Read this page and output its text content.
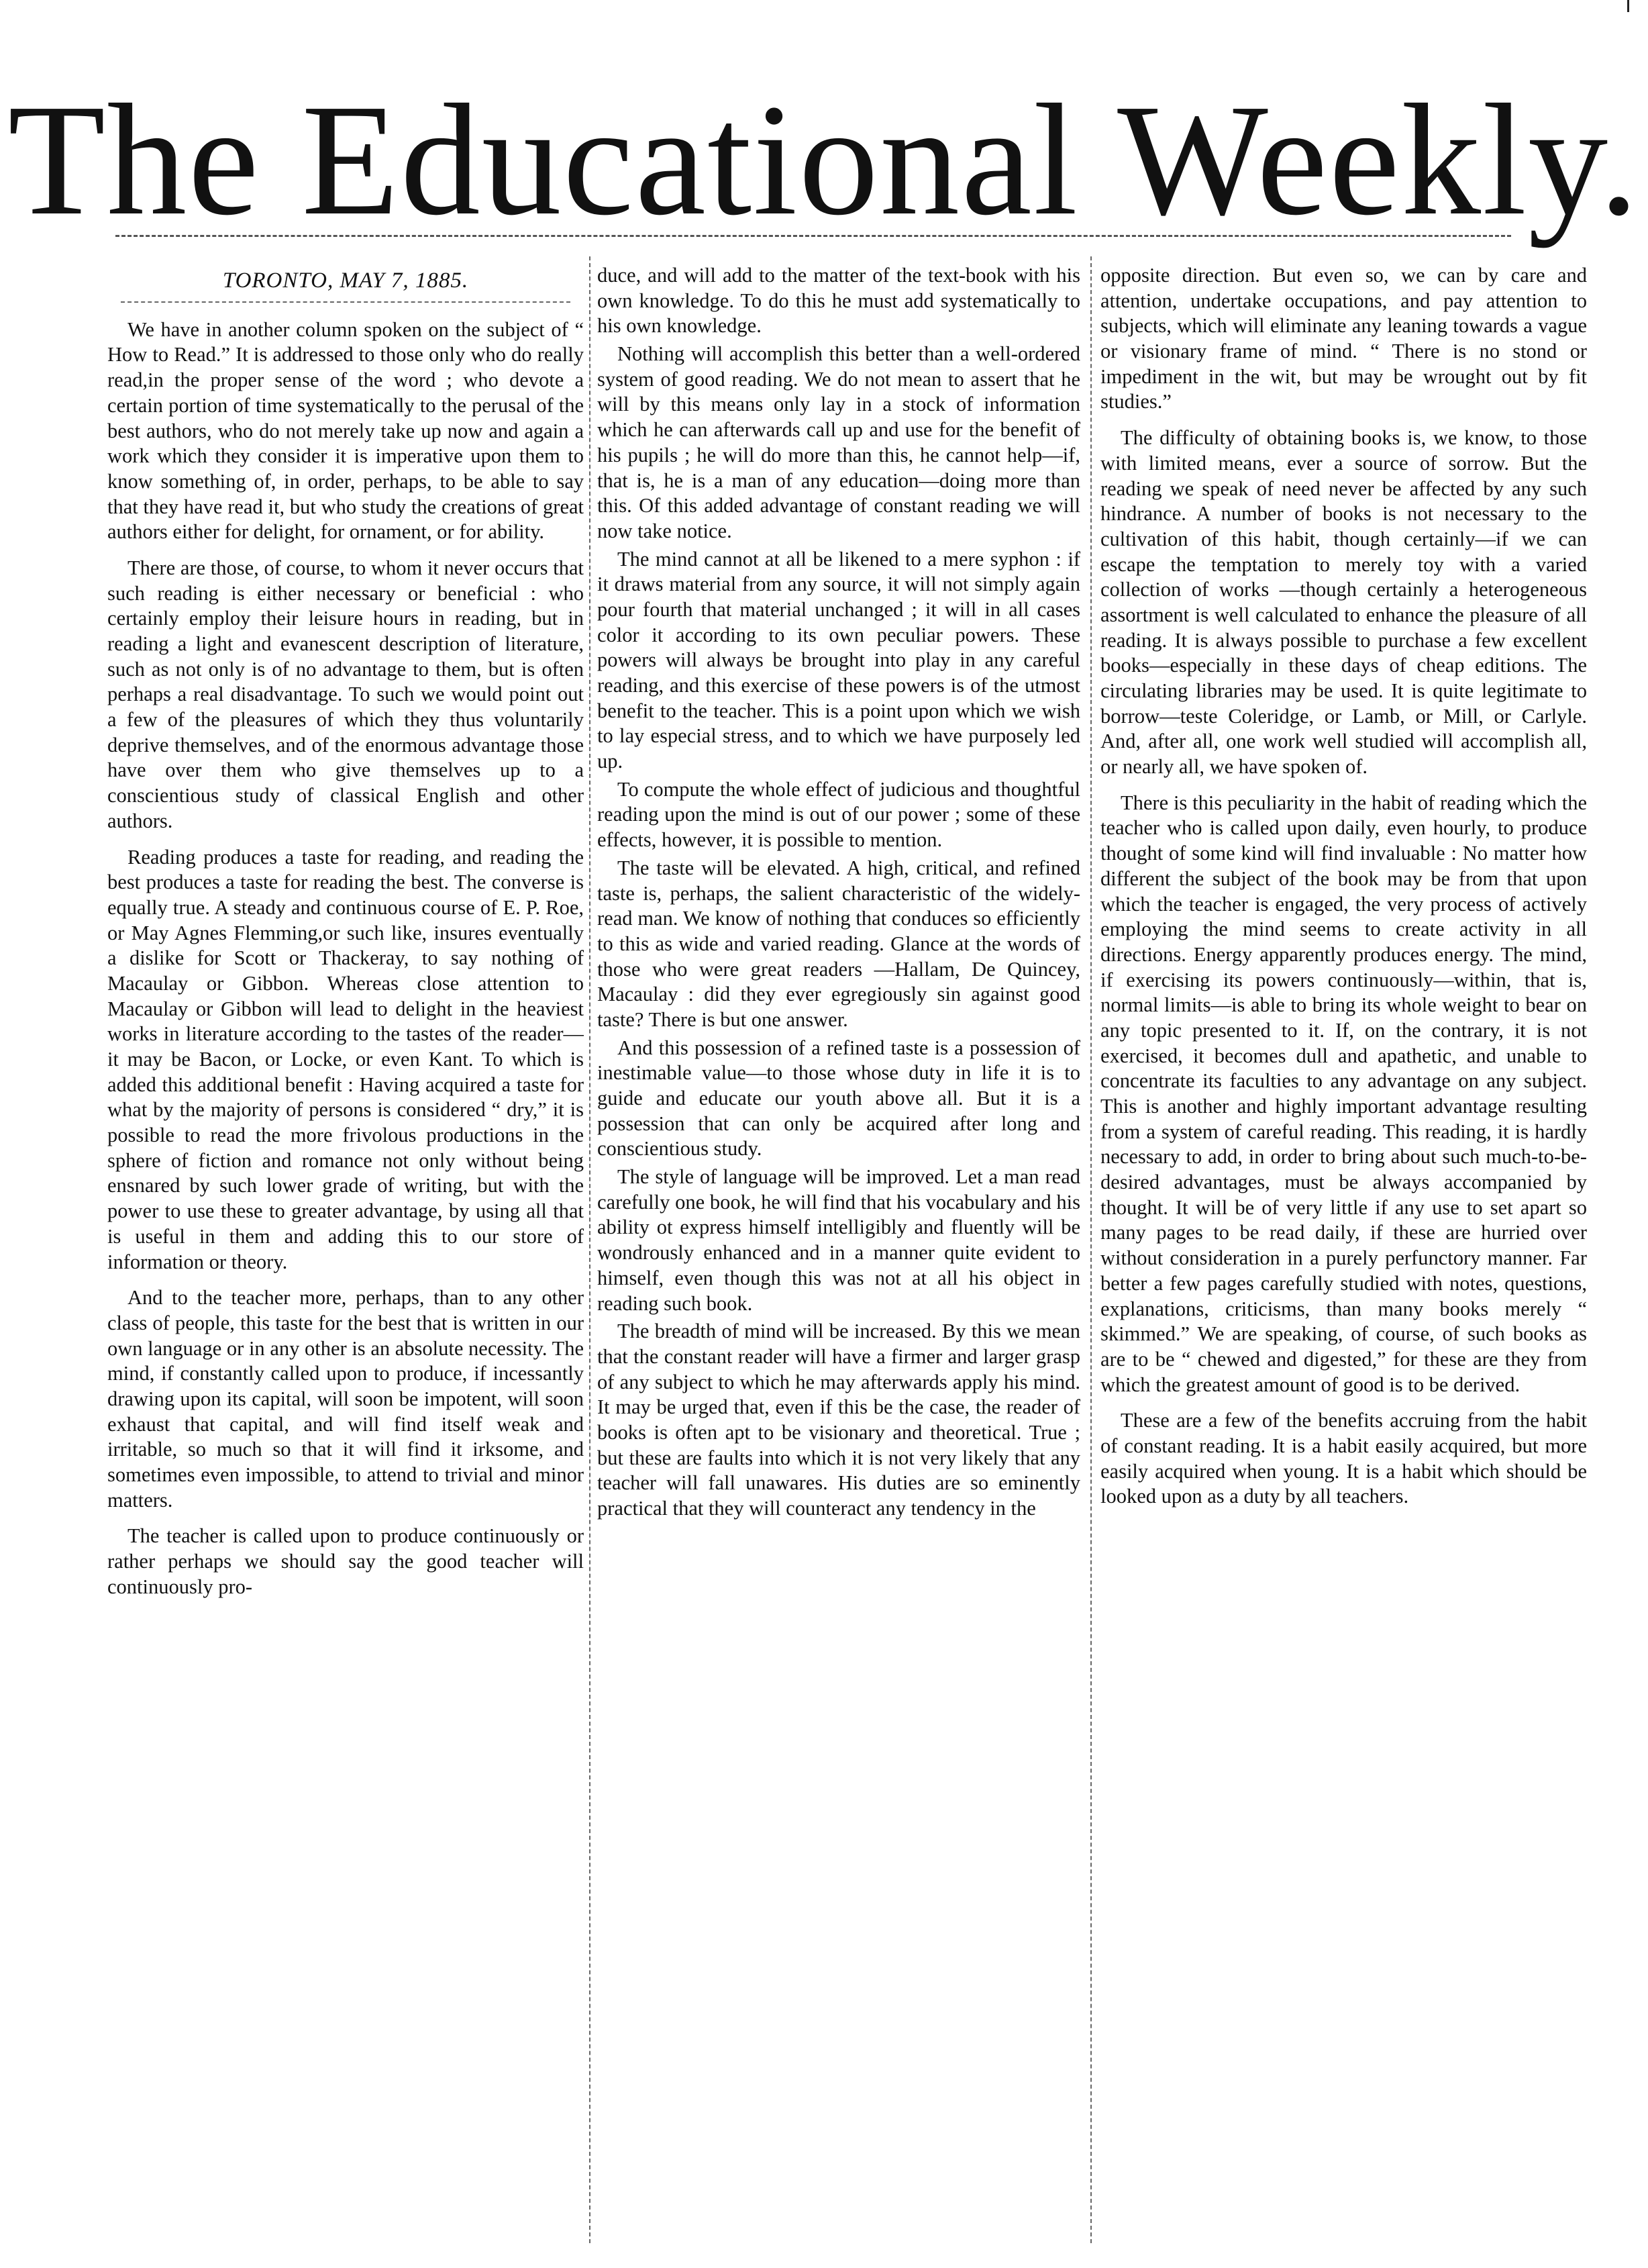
The Educational Weekly.
TORONTO, MAY 7, 1885.

We have in another column spoken on the subject of “ How to Read.” It is addressed to those only who do really read,in the proper sense of the word ; who devote a certain portion of time systematically to the perusal of the best authors, who do not merely take up now and again a work which they consider it is imperative upon them to know something of, in order, perhaps, to be able to say that they have read it, but who study the creations of great authors either for delight, for ornament, or for ability.

There are those, of course, to whom it never occurs that such reading is either necessary or beneficial : who certainly employ their leisure hours in reading, but in reading a light and evanescent description of literature, such as not only is of no advantage to them, but is often perhaps a real disadvantage. To such we would point out a few of the pleasures of which they thus voluntarily deprive themselves, and of the enormous advantage those have over them who give themselves up to a conscientious study of classical English and other authors.

Reading produces a taste for reading, and reading the best produces a taste for reading the best. The converse is equally true. A steady and continuous course of E. P. Roe, or May Agnes Flemming,or such like, insures eventually a dislike for Scott or Thackeray, to say nothing of Macaulay or Gibbon. Whereas close attention to Macaulay or Gibbon will lead to delight in the heaviest works in literature according to the tastes of the reader—it may be Bacon, or Locke, or even Kant. To which is added this additional benefit : Having acquired a taste for what by the majority of persons is considered “ dry,” it is possible to read the more frivolous productions in the sphere of fiction and romance not only without being ensnared by such lower grade of writing, but with the power to use these to greater advantage, by using all that is useful in them and adding this to our store of information or theory.

And to the teacher more, perhaps, than to any other class of people, this taste for the best that is written in our own language or in any other is an absolute necessity. The mind, if constantly called upon to produce, if incessantly drawing upon its capital, will soon be impotent, will soon exhaust that capital, and will find itself weak and irritable, so much so that it will find it irksome, and sometimes even impossible, to attend to trivial and minor matters.

The teacher is called upon to produce continuously or rather perhaps we should say the good teacher will continuously pro-

duce, and will add to the matter of the text-book with his own knowledge. To do this he must add systematically to his own knowledge.

Nothing will accomplish this better than a well-ordered system of good reading. We do not mean to assert that he will by this means only lay in a stock of information which he can afterwards call up and use for the benefit of his pupils ; he will do more than this, he cannot help—if, that is, he is a man of any education—doing more than this. Of this added advantage of constant reading we will now take notice.

The mind cannot at all be likened to a mere syphon : if it draws material from any source, it will not simply again pour fourth that material unchanged ; it will in all cases color it according to its own peculiar powers. These powers will always be brought into play in any careful reading, and this exercise of these powers is of the utmost benefit to the teacher. This is a point upon which we wish to lay especial stress, and to which we have purposely led up.

To compute the whole effect of judicious and thoughtful reading upon the mind is out of our power ; some of these effects, however, it is possible to mention.

The taste will be elevated. A high, critical, and refined taste is, perhaps, the salient characteristic of the widely-read man. We know of nothing that conduces so efficiently to this as wide and varied reading. Glance at the words of those who were great readers —Hallam, De Quincey, Macaulay : did they ever egregiously sin against good taste? There is but one answer.

And this possession of a refined taste is a possession of inestimable value—to those whose duty in life it is to guide and educate our youth above all. But it is a possession that can only be acquired after long and conscientious study.

The style of language will be improved. Let a man read carefully one book, he will find that his vocabulary and his ability ot express himself intelligibly and fluently will be wondrously enhanced and in a manner quite evident to himself, even though this was not at all his object in reading such book.

The breadth of mind will be increased. By this we mean that the constant reader will have a firmer and larger grasp of any subject to which he may afterwards apply his mind. It may be urged that, even if this be the case, the reader of books is often apt to be visionary and theoretical. True ; but these are faults into which it is not very likely that any teacher will fall unawares. His duties are so eminently practical that they will counteract any tendency in the

opposite direction. But even so, we can by care and attention, undertake occupations, and pay attention to subjects, which will eliminate any leaning towards a vague or visionary frame of mind. “ There is no stond or impediment in the wit, but may be wrought out by fit studies.”

The difficulty of obtaining books is, we know, to those with limited means, ever a source of sorrow. But the reading we speak of need never be affected by any such hindrance. A number of books is not necessary to the cultivation of this habit, though certainly—if we can escape the temptation to merely toy with a varied collection of works —though certainly a heterogeneous assortment is well calculated to enhance the pleasure of all reading. It is always possible to purchase a few excellent books—especially in these days of cheap editions. The circulating libraries may be used. It is quite legitimate to borrow—teste Coleridge, or Lamb, or Mill, or Carlyle. And, after all, one work well studied will accomplish all, or nearly all, we have spoken of.

There is this peculiarity in the habit of reading which the teacher who is called upon daily, even hourly, to produce thought of some kind will find invaluable : No matter how different the subject of the book may be from that upon which the teacher is engaged, the very process of actively employing the mind seems to create activity in all directions. Energy apparently produces energy. The mind, if exercising its powers continuously—within, that is, normal limits—is able to bring its whole weight to bear on any topic presented to it. If, on the contrary, it is not exercised, it becomes dull and apathetic, and unable to concentrate its faculties to any advantage on any subject. This is another and highly important advantage resulting from a system of careful reading. This reading, it is hardly necessary to add, in order to bring about such much-to-be-desired advantages, must be always accompanied by thought. It will be of very little if any use to set apart so many pages to be read daily, if these are hurried over without consideration in a purely perfunctory manner. Far better a few pages carefully studied with notes, questions, explanations, criticisms, than many books merely “ skimmed.” We are speaking, of course, of such books as are to be “ chewed and digested,” for these are they from which the greatest amount of good is to be derived.

These are a few of the benefits accruing from the habit of constant reading. It is a habit easily acquired, but more easily acquired when young. It is a habit which should be looked upon as a duty by all teachers.
